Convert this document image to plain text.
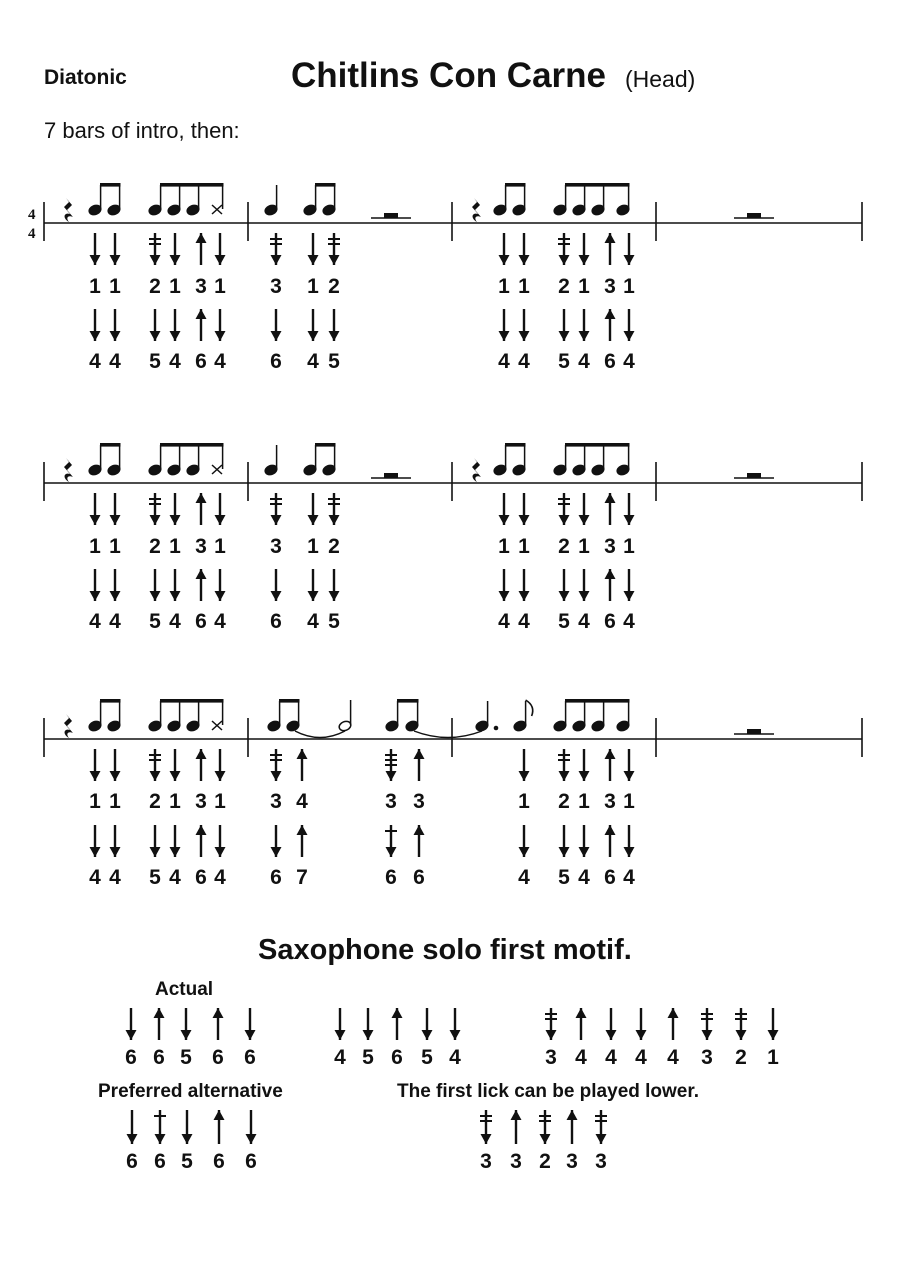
Diatonic	Chitlins Con Carne (Head)
7 bars of intro, then:
Saxophone solo first motif.
Actual
Preferred alternative	The first lick can be played lower.
1 1 2 1 3 1 3 1 2	1 1 2 1 3 1
4 4 5 4 6 4 6 4 5	4 4 5 4 6 4
1 1 2 1 3 1 3 1 2	1 1 2 1 3 1
4 4 5 4 6 4 6 4 5	4 4 5 4 6 4
1 1 2 1 3 1 3 4	3 3	1 2 1 3 1
4 4 5 4 6 4 6 7	6 6	4 5 4 6 4
6 6 5 6 6	4 5 6 5 4	3 4 4 4 4 3 2 1
6 6 5 6 6	3 3 2 3 3
4
4
